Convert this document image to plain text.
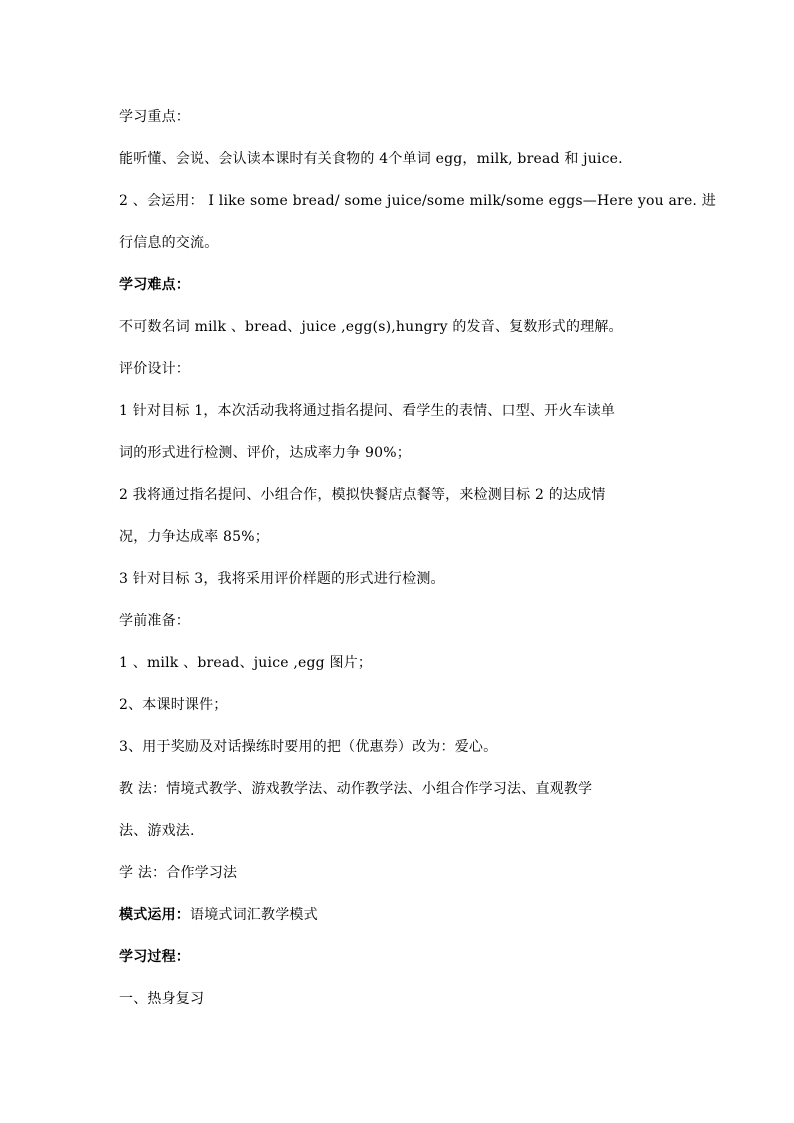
学习重点：
能听懂、会说、会认读本课时有关食物的 4个单词 egg，milk, bread 和 juice.
2 、会运用： I like some bread/ some juice/some milk/some eggs—Here you are. 进
行信息的交流。
学习难点：
不可数名词 milk 、bread、juice ,egg(s),hungry 的发音、复数形式的理解。
评价设计：
1 针对目标 1，本次活动我将通过指名提问、看学生的表情、口型、开火车读单
词的形式进行检测、评价，达成率力争 90%；
2 我将通过指名提问、小组合作，模拟快餐店点餐等，来检测目标 2 的达成情
况，力争达成率 85%；
3 针对目标 3，我将采用评价样题的形式进行检测。
学前准备：
1 、milk 、bread、juice ,egg 图片；
2、本课时课件；
3、用于奖励及对话操练时要用的把（优惠券）改为：爱心。
教 法：情境式教学、游戏教学法、动作教学法、小组合作学习法、直观教学
法、游戏法.
学 法：合作学习法
模式运用：语境式词汇教学模式
学习过程：
一、热身复习
